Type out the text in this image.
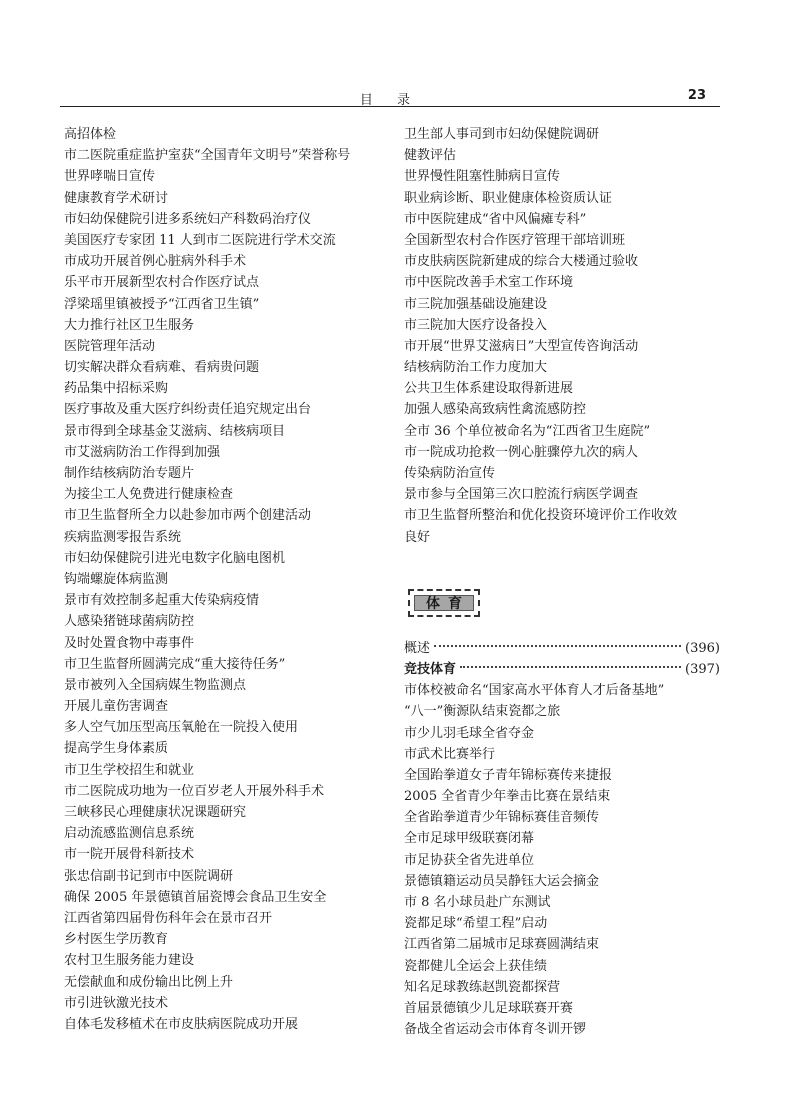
目 录	23
高招体检
市二医院重症监护室获“全国青年文明号”荣誉称号
世界哮喘日宣传
健康教育学术研讨
市妇幼保健院引进多系统妇产科数码治疗仪
美国医疗专家团 11 人到市二医院进行学术交流
市成功开展首例心脏病外科手术
乐平市开展新型农村合作医疗试点
浮梁瑶里镇被授予“江西省卫生镇”
大力推行社区卫生服务
医院管理年活动
切实解决群众看病难、看病贵问题
药品集中招标采购
医疗事故及重大医疗纠纷责任追究规定出台
景市得到全球基金艾滋病、结核病项目
市艾滋病防治工作得到加强
制作结核病防治专题片
为接尘工人免费进行健康检查
市卫生监督所全力以赴参加市两个创建活动
疾病监测零报告系统
市妇幼保健院引进光电数字化脑电图机
钩端螺旋体病监测
景市有效控制多起重大传染病疫情
人感染猪链球菌病防控
及时处置食物中毒事件
市卫生监督所圆满完成“重大接待任务”
景市被列入全国病媒生物监测点
开展儿童伤害调查
多人空气加压型高压氧舱在一院投入使用
提高学生身体素质
市卫生学校招生和就业
市二医院成功地为一位百岁老人开展外科手术
三峡移民心理健康状况课题研究
启动流感监测信息系统
市一院开展骨科新技术
张忠信副书记到市中医院调研
确保 2005 年景德镇首届瓷博会食品卫生安全
江西省第四届骨伤科年会在景市召开
乡村医生学历教育
农村卫生服务能力建设
无偿献血和成份输出比例上升
市引进钬激光技术
自体毛发移植术在市皮肤病医院成功开展
卫生部人事司到市妇幼保健院调研
健教评估
世界慢性阻塞性肺病日宣传
职业病诊断、职业健康体检资质认证
市中医院建成“省中风偏瘫专科”
全国新型农村合作医疗管理干部培训班
市皮肤病医院新建成的综合大楼通过验收
市中医院改善手术室工作环境
市三院加强基础设施建设
市三院加大医疗设备投入
市开展“世界艾滋病日”大型宣传咨询活动
结核病防治工作力度加大
公共卫生体系建设取得新进展
加强人感染高致病性禽流感防控
全市 36 个单位被命名为“江西省卫生庭院”
市一院成功抢救一例心脏骤停九次的病人
传染病防治宣传
景市参与全国第三次口腔流行病医学调查
市卫生监督所整治和优化投资环境评价工作收效
良好
体育
概述	(396)
竞技体育	(397)
市体校被命名“国家高水平体育人才后备基地”
“八一”衡源队结束瓷都之旅
市少儿羽毛球全省夺金
市武术比赛举行
全国跆拳道女子青年锦标赛传来捷报
2005 全省青少年拳击比赛在景结束
全省跆拳道青少年锦标赛佳音频传
全市足球甲级联赛闭幕
市足协获全省先进单位
景德镇籍运动员吴静钰大运会摘金
市 8 名小球员赴广东测试
瓷都足球“希望工程”启动
江西省第二届城市足球赛圆满结束
瓷都健儿全运会上获佳绩
知名足球教练赵凯瓷都探营
首届景德镇少儿足球联赛开赛
备战全省运动会市体育冬训开锣
